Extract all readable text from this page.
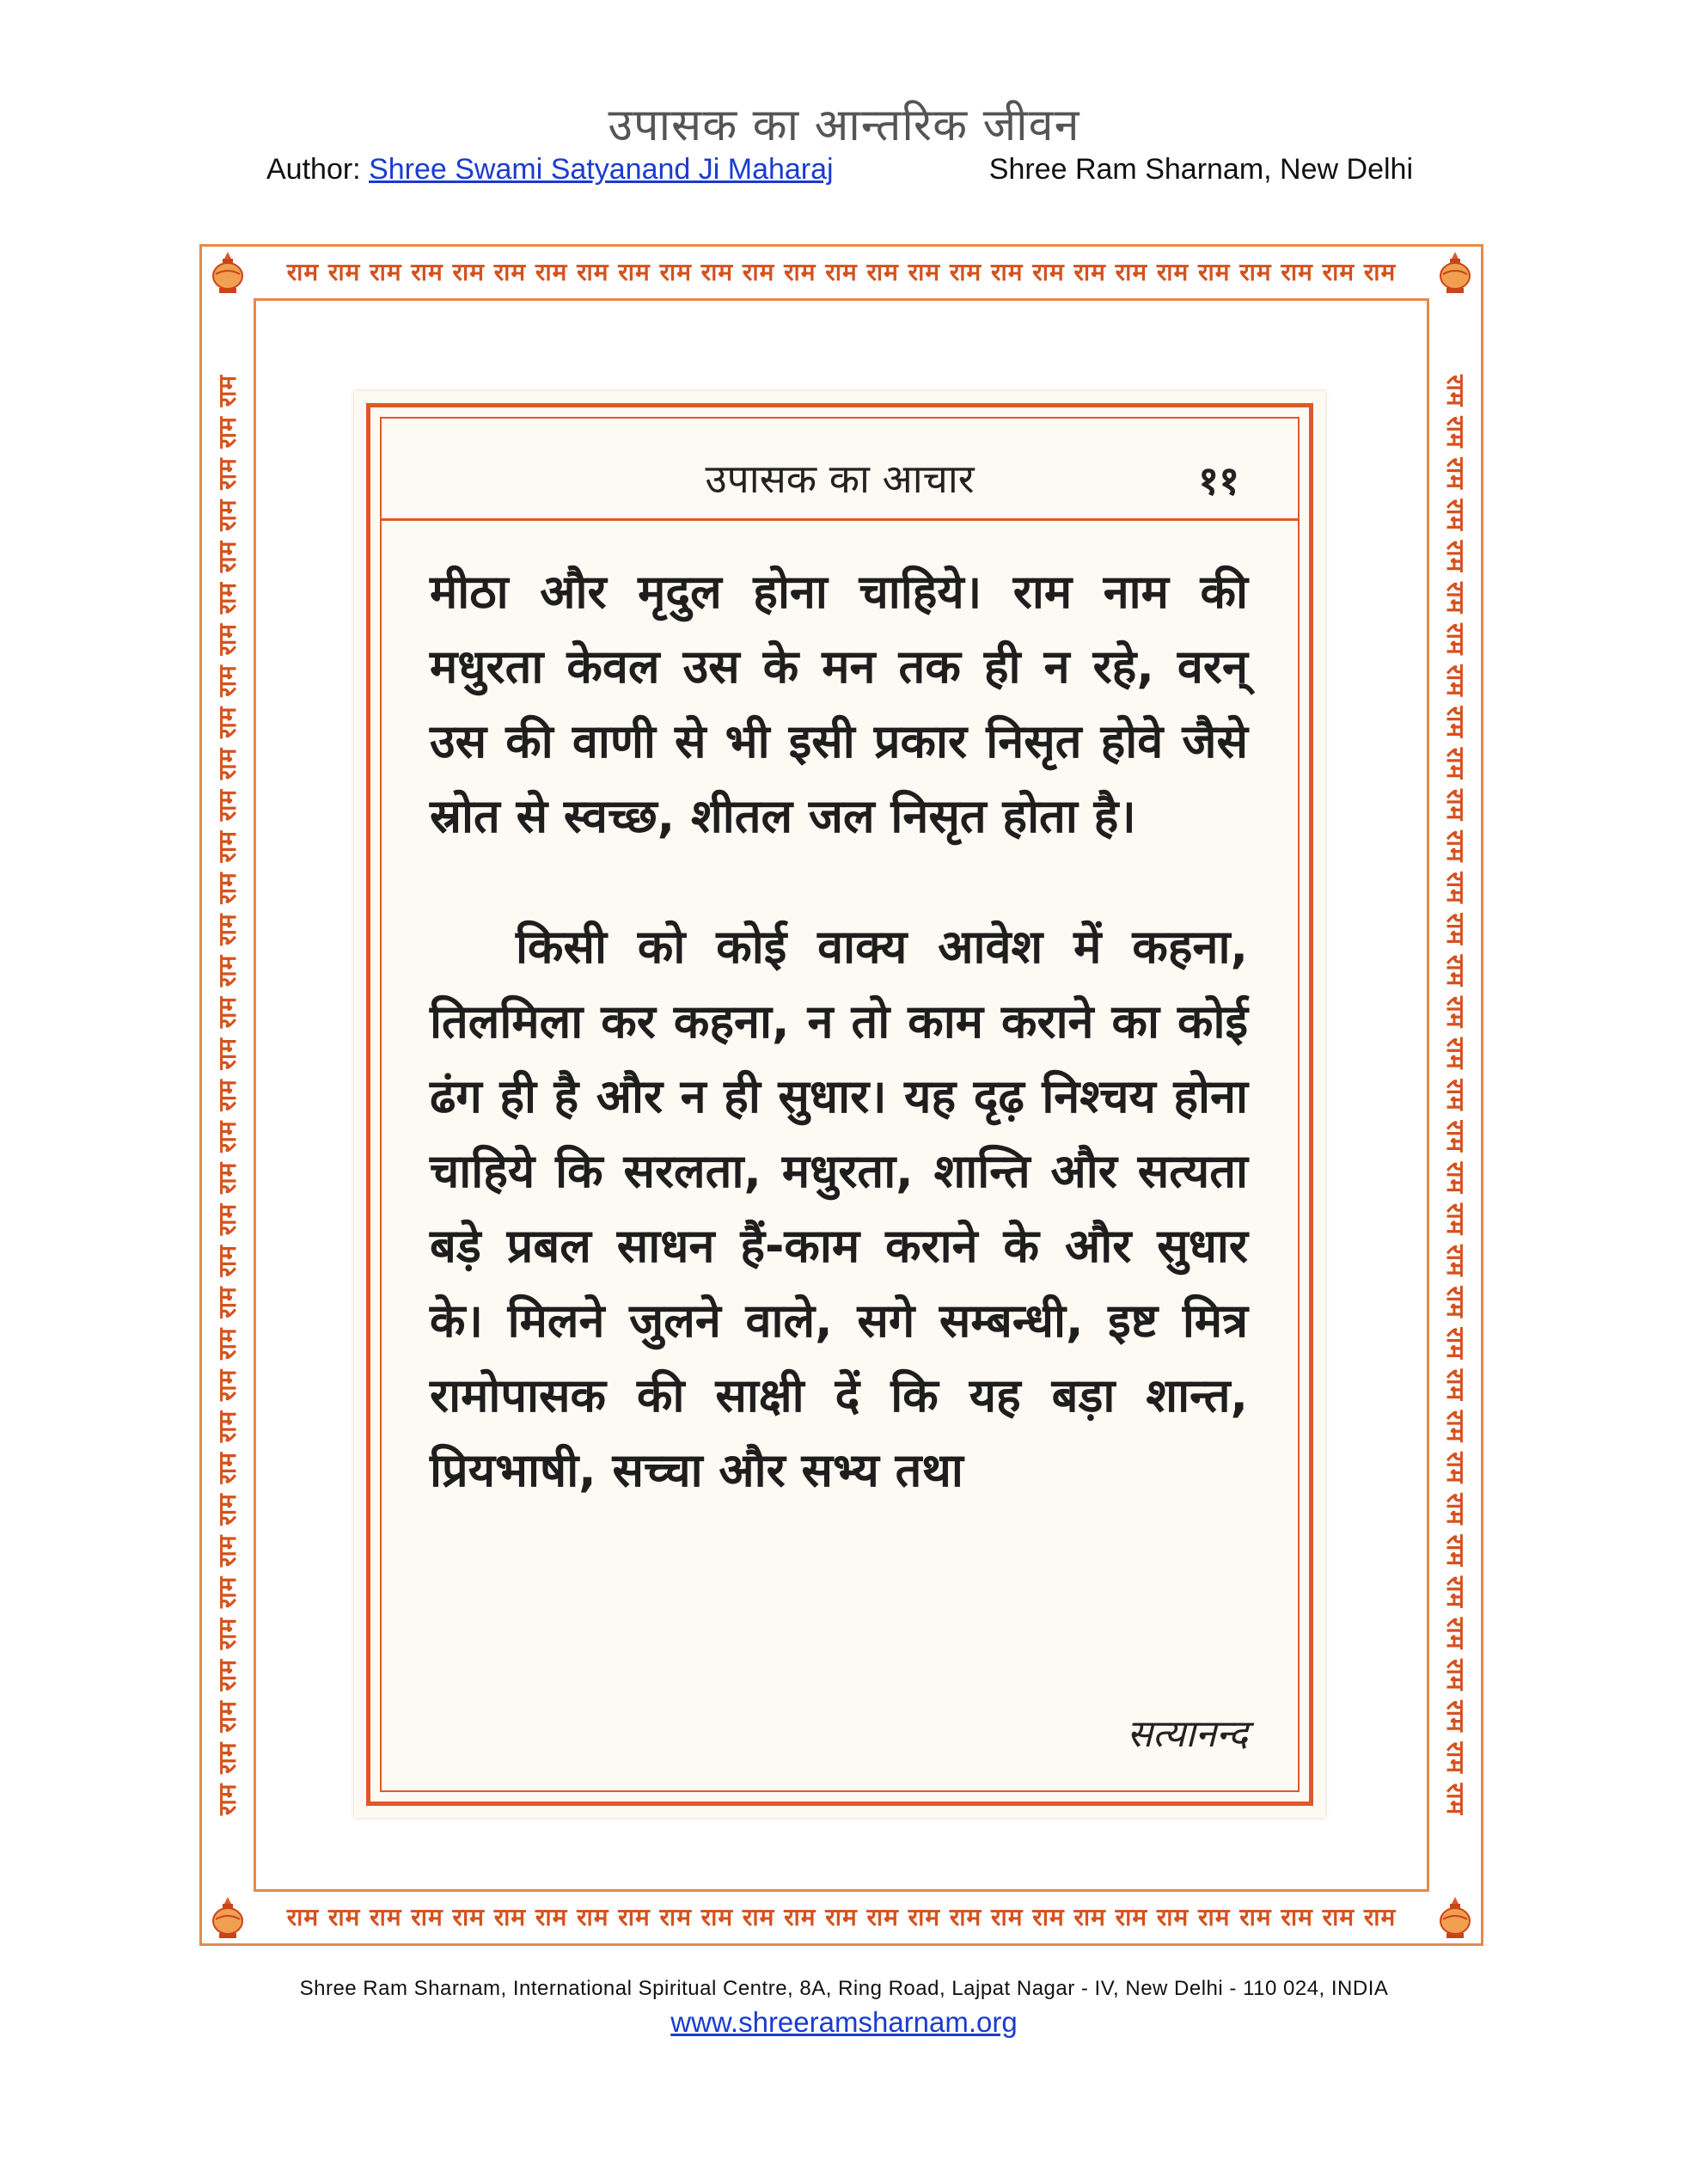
उपासक का आन्तरिक जीवन
Author: Shree Swami Satyanand Ji Maharaj	Shree Ram Sharnam, New Delhi
राम राम राम राम राम राम राम राम राम राम राम राम राम राम राम राम राम राम राम राम राम राम राम राम राम राम राम
राम राम राम राम राम राम राम राम राम राम राम राम राम राम राम राम राम राम राम राम राम राम राम राम राम राम राम
राम राम राम राम राम राम राम राम राम राम राम राम राम राम राम राम राम राम राम राम राम राम राम राम राम राम राम राम राम राम राम राम राम राम राम	राम राम राम राम राम राम राम राम राम राम राम राम राम राम राम राम राम राम राम राम राम राम राम राम राम राम राम राम राम राम राम राम राम राम राम
उपासक का आचार	११

मीठा और मृदुल होना चाहिये। राम नाम की मधुरता केवल उस के मन तक ही न रहे, वरन् उस की वाणी से भी इसी प्रकार निसृत होवे जैसे स्रोत से स्वच्छ, शीतल जल निसृत होता है।

किसी को कोई वाक्य आवेश में कहना, तिलमिला कर कहना, न तो काम कराने का कोई ढंग ही है और न ही सुधार। यह दृढ़ निश्चय होना चाहिये कि सरलता, मधुरता, शान्ति और सत्यता बड़े प्रबल साधन हैं-काम कराने के और सुधार के। मिलने जुलने वाले, सगे सम्बन्धी, इष्ट मित्र रामोपासक की साक्षी दें कि यह बड़ा शान्त, प्रियभाषी, सच्चा और सभ्य तथा

सत्यानन्द
Shree Ram Sharnam, International Spiritual Centre, 8A, Ring Road, Lajpat Nagar - IV, New Delhi - 110 024, INDIA
www.shreeramsharnam.org
